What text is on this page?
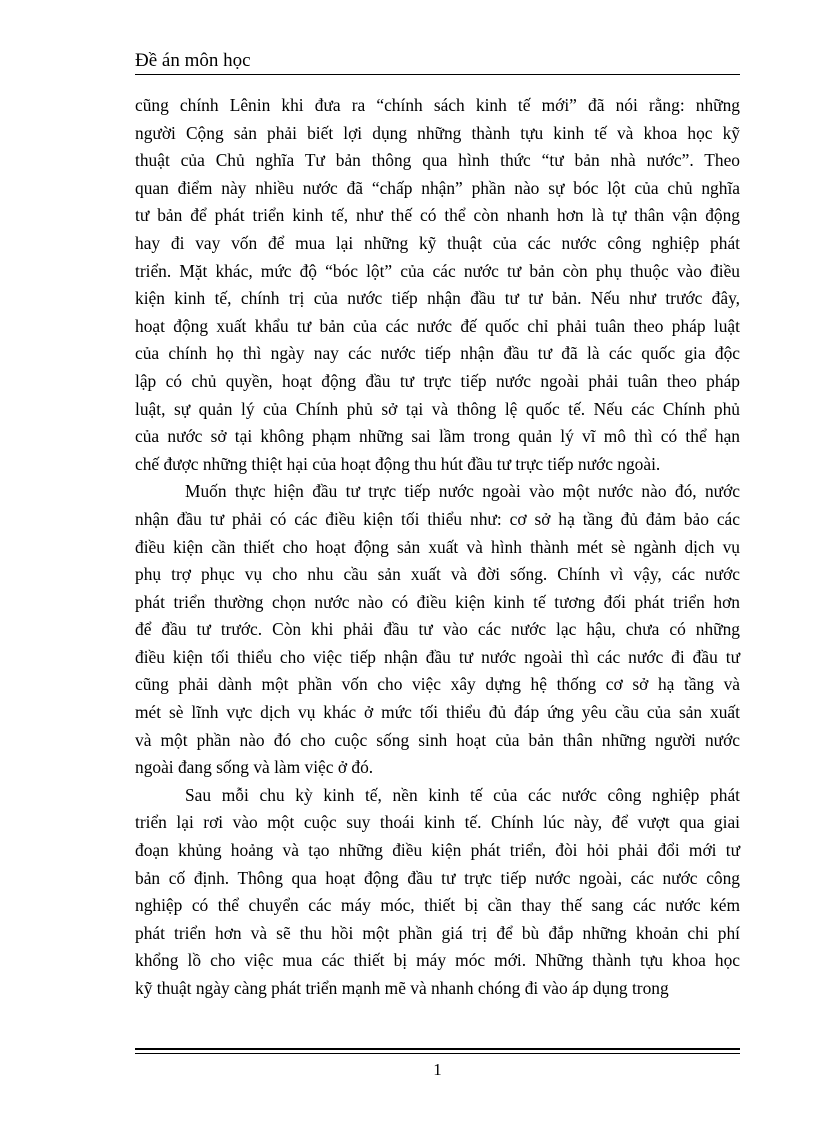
Đề án môn học
cũng chính Lênin khi đưa ra “chính sách kinh tế mới” đã nói rằng: những
người Cộng sản phải biết lợi dụng những thành tựu kinh tế và khoa học kỹ
thuật của Chủ nghĩa Tư bản thông qua hình thức “tư bản nhà nước”. Theo
quan điểm này nhiều nước đã “chấp nhận” phần nào sự bóc lột của chủ nghĩa
tư bản để phát triển kinh tế, như thế có thể còn nhanh hơn là tự thân vận động
hay đi vay vốn để mua lại những kỹ thuật của các nước công nghiệp phát
triển. Mặt khác, mức độ “bóc lột” của các nước tư bản còn phụ thuộc vào điều
kiện kinh tế, chính trị của nước tiếp nhận đầu tư tư bản. Nếu như trước đây,
hoạt động xuất khẩu tư bản của các nước đế quốc chỉ phải tuân theo pháp luật
của chính họ thì ngày nay các nước tiếp nhận đầu tư đã là các quốc gia độc
lập có chủ quyền, hoạt động đầu tư trực tiếp nước ngoài phải tuân theo pháp
luật, sự quản lý của Chính phủ sở tại và thông lệ quốc tế. Nếu các Chính phủ
của nước sở tại không phạm những sai lầm trong quản lý vĩ mô thì có thể hạn
chế được những thiệt hại của hoạt động thu hút đầu tư trực tiếp nước ngoài.
Muốn thực hiện đầu tư trực tiếp nước ngoài vào một nước nào đó, nước
nhận đầu tư phải có các điều kiện tối thiểu như: cơ sở hạ tầng đủ đảm bảo các
điều kiện cần thiết cho hoạt động sản xuất và hình thành mét sè ngành dịch vụ
phụ trợ phục vụ cho nhu cầu sản xuất và đời sống. Chính vì vậy, các nước
phát triển thường chọn nước nào có điều kiện kinh tế tương đối phát triển hơn
để đầu tư trước. Còn khi phải đầu tư vào các nước lạc hậu, chưa có những
điều kiện tối thiểu cho việc tiếp nhận đầu tư nước ngoài thì các nước đi đầu tư
cũng phải dành một phần vốn cho việc xây dựng hệ thống cơ sở hạ tầng và
mét sè lĩnh vực dịch vụ khác ở mức tối thiểu đủ đáp ứng yêu cầu của sản xuất
và một phần nào đó cho cuộc sống sinh hoạt của bản thân những người nước
ngoài đang sống và làm việc ở đó.
Sau mỗi chu kỳ kinh tế, nền kinh tế của các nước công nghiệp phát
triển lại rơi vào một cuộc suy thoái kinh tế. Chính lúc này, để vượt qua giai
đoạn khủng hoảng và tạo những điều kiện phát triển, đòi hỏi phải đổi mới tư
bản cố định. Thông qua hoạt động đầu tư trực tiếp nước ngoài, các nước công
nghiệp có thể chuyển các máy móc, thiết bị cần thay thế sang các nước kém
phát triển hơn và sẽ thu hồi một phần giá trị để bù đắp những khoản chi phí
khổng lồ cho việc mua các thiết bị máy móc mới. Những thành tựu khoa học
kỹ thuật ngày càng phát triển mạnh mẽ và nhanh chóng đi vào áp dụng trong
1
